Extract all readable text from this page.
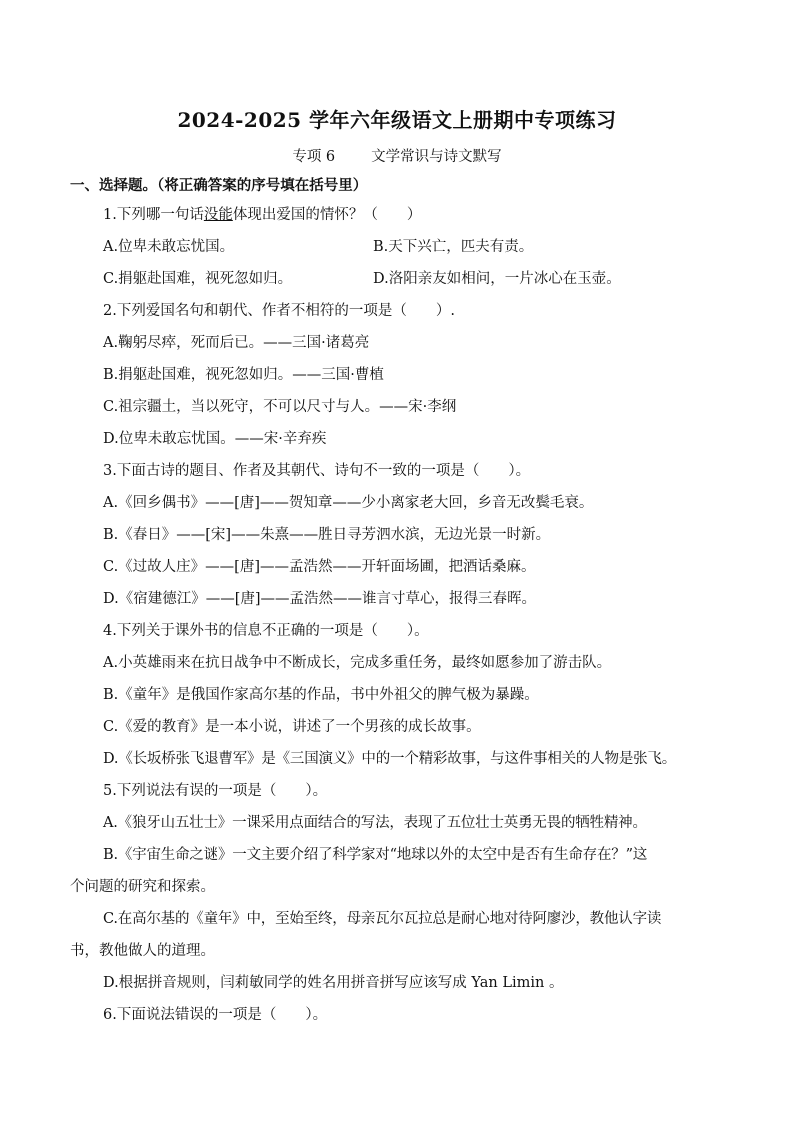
2024-2025 学年六年级语文上册期中专项练习
专项 6 文学常识与诗文默写
一、选择题。（将正确答案的序号填在括号里）
1.下列哪一句话没能体现出爱国的情怀？（　　）
A.位卑未敢忘忧国。	B.天下兴亡，匹夫有责。
C.捐躯赴国难，视死忽如归。	D.洛阳亲友如相问，一片冰心在玉壶。
2.下列爱国名句和朝代、作者不相符的一项是（　　）.
A.鞠躬尽瘁，死而后已。——三国·诸葛亮
B.捐躯赴国难，视死忽如归。——三国·曹植
C.祖宗疆土，当以死守，不可以尺寸与人。——宋·李纲
D.位卑未敢忘忧国。——宋·辛弃疾
3.下面古诗的题目、作者及其朝代、诗句不一致的一项是（　　）。
A.《回乡偶书》——[唐]——贺知章——少小离家老大回，乡音无改鬓毛衰。
B.《春日》——[宋]——朱熹——胜日寻芳泗水滨，无边光景一时新。
C.《过故人庄》——[唐]——孟浩然——开轩面场圃，把酒话桑麻。
D.《宿建德江》——[唐]——孟浩然——谁言寸草心，报得三春晖。
4.下列关于课外书的信息不正确的一项是（　　）。
A.小英雄雨来在抗日战争中不断成长，完成多重任务，最终如愿参加了游击队。
B.《童年》是俄国作家高尔基的作品，书中外祖父的脾气极为暴躁。
C.《爱的教育》是一本小说，讲述了一个男孩的成长故事。
D.《长坂桥张飞退曹军》是《三国演义》中的一个精彩故事，与这件事相关的人物是张飞。
5.下列说法有误的一项是（　　）。
A.《狼牙山五壮士》一课采用点面结合的写法，表现了五位壮士英勇无畏的牺牲精神。
B.《宇宙生命之谜》一文主要介绍了科学家对“地球以外的太空中是否有生命存在？”这
个问题的研究和探索。
C.在高尔基的《童年》中，至始至终，母亲瓦尔瓦拉总是耐心地对待阿廖沙，教他认字读
书，教他做人的道理。
D.根据拼音规则，闫莉敏同学的姓名用拼音拼写应该写成 Yan Limin 。
6.下面说法错误的一项是（　　）。
